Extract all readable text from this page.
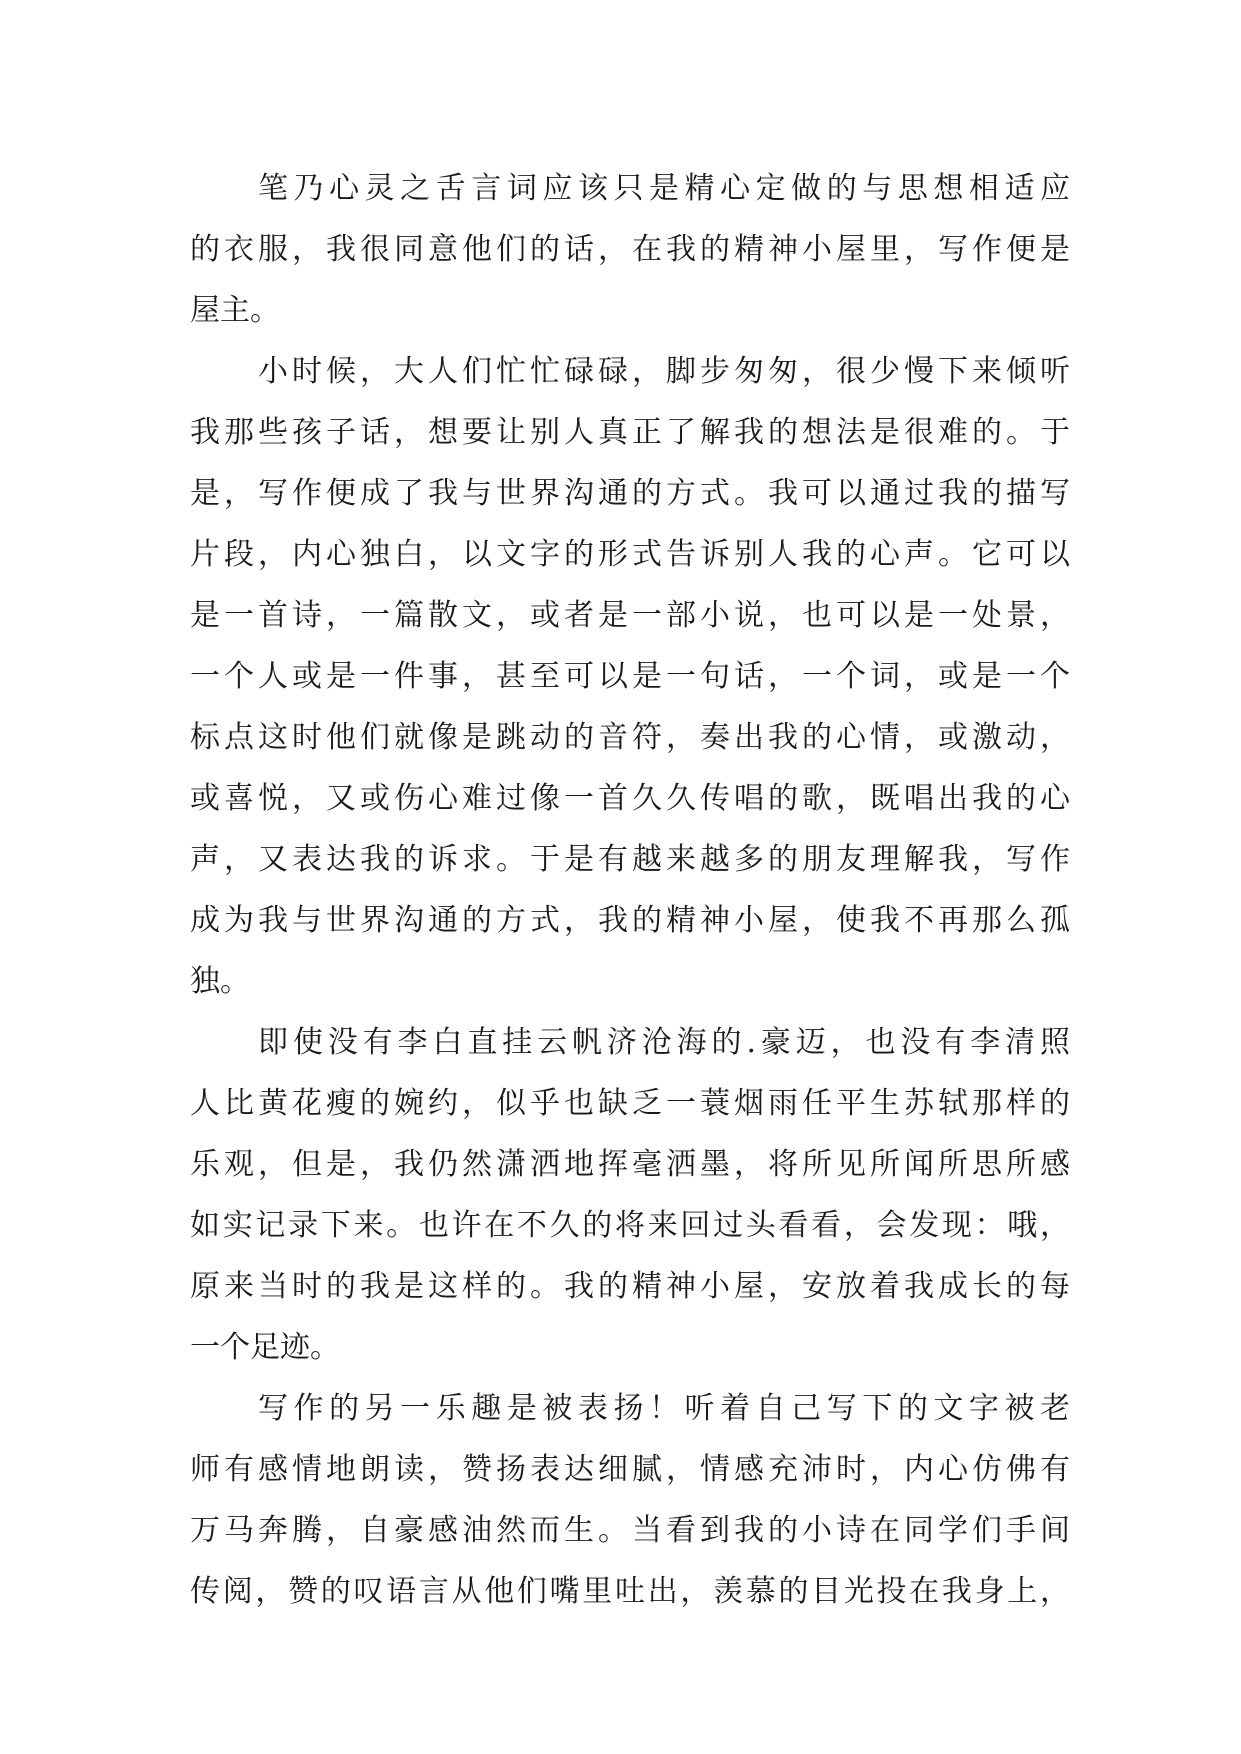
笔乃心灵之舌言词应该只是精心定做的与思想相适应
的衣服，我很同意他们的话，在我的精神小屋里，写作便是
屋主。
小时候，大人们忙忙碌碌，脚步匆匆，很少慢下来倾听
我那些孩子话，想要让别人真正了解我的想法是很难的。于
是，写作便成了我与世界沟通的方式。我可以通过我的描写
片段，内心独白，以文字的形式告诉别人我的心声。它可以
是一首诗，一篇散文，或者是一部小说，也可以是一处景，
一个人或是一件事，甚至可以是一句话，一个词，或是一个
标点这时他们就像是跳动的音符，奏出我的心情，或激动，
或喜悦，又或伤心难过像一首久久传唱的歌，既唱出我的心
声，又表达我的诉求。于是有越来越多的朋友理解我，写作
成为我与世界沟通的方式，我的精神小屋，使我不再那么孤
独。
即使没有李白直挂云帆济沧海的.豪迈，也没有李清照
人比黄花瘦的婉约，似乎也缺乏一蓑烟雨任平生苏轼那样的
乐观，但是，我仍然潇洒地挥毫洒墨，将所见所闻所思所感
如实记录下来。也许在不久的将来回过头看看，会发现：哦，
原来当时的我是这样的。我的精神小屋，安放着我成长的每
一个足迹。
写作的另一乐趣是被表扬！听着自己写下的文字被老
师有感情地朗读，赞扬表达细腻，情感充沛时，内心仿佛有
万马奔腾，自豪感油然而生。当看到我的小诗在同学们手间
传阅，赞的叹语言从他们嘴里吐出，羡慕的目光投在我身上，
